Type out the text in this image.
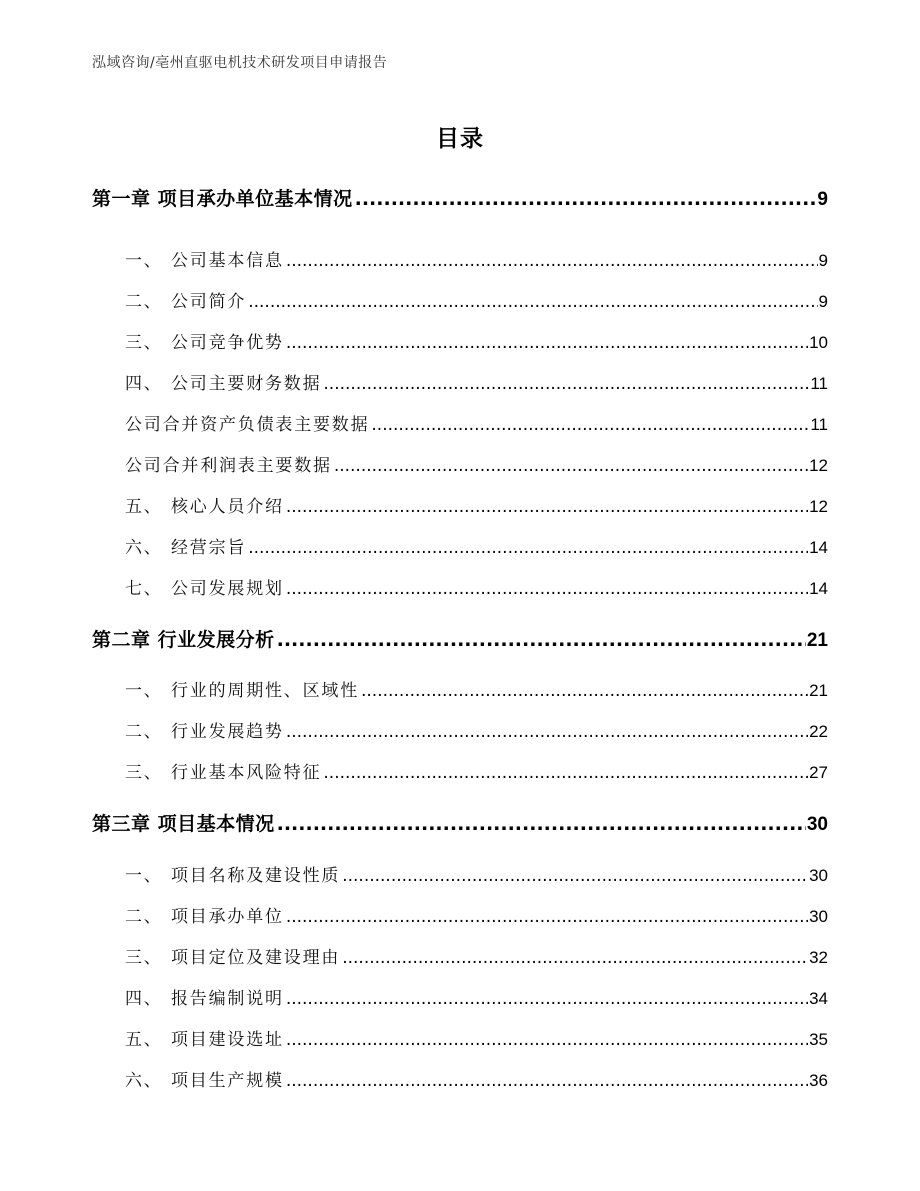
泓域咨询/亳州直驱电机技术研发项目申请报告
目录
第一章 项目承办单位基本情况 .....	9
一、 公司基本信息 .....	9
二、 公司简介 .....	9
三、 公司竞争优势 .....	10
四、 公司主要财务数据 .....	11
公司合并资产负债表主要数据 .....	11
公司合并利润表主要数据 .....	12
五、 核心人员介绍 .....	12
六、 经营宗旨 .....	14
七、 公司发展规划 .....	14
第二章 行业发展分析 .....	21
一、 行业的周期性、区域性 .....	21
二、 行业发展趋势 .....	22
三、 行业基本风险特征 .....	27
第三章 项目基本情况 .....	30
一、 项目名称及建设性质 .....	30
二、 项目承办单位 .....	30
三、 项目定位及建设理由 .....	32
四、 报告编制说明 .....	34
五、 项目建设选址 .....	35
六、 项目生产规模 .....	36
